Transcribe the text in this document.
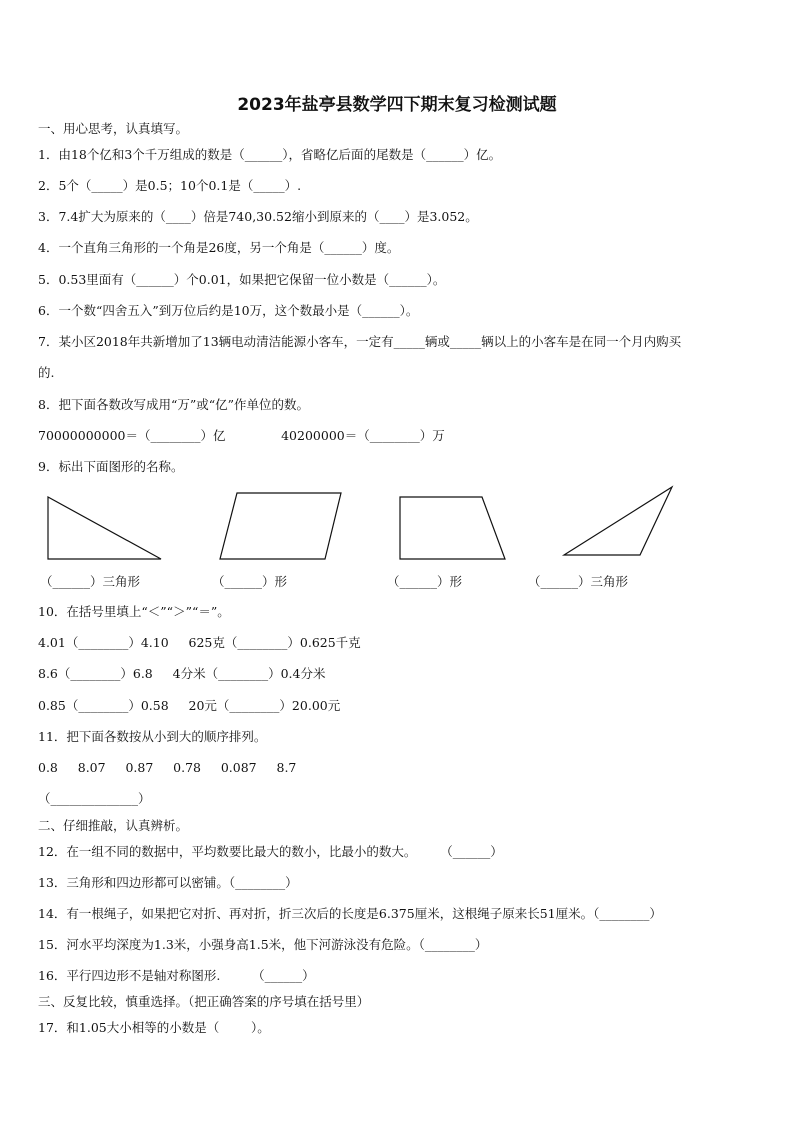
2023年盐亭县数学四下期末复习检测试题
一、用心思考，认真填写。
1．由18个亿和3个千万组成的数是（______），省略亿后面的尾数是（______）亿。
2．5个（_____）是0.5；10个0.1是（_____）.
3．7.4扩大为原来的（____）倍是740,30.52缩小到原来的（____）是3.052。
4．一个直角三角形的一个角是26度，另一个角是（______）度。
5．0.53里面有（______）个0.01，如果把它保留一位小数是（______）。
6．一个数“四舍五入”到万位后约是10万，这个数最小是（______）。
7．某小区2018年共新增加了13辆电动清洁能源小客车，一定有_____辆或_____辆以上的小客车是在同一个月内购买
的.
8．把下面各数改写成用“万”或“亿”作单位的数。
70000000000＝（________）亿              40200000＝（________）万
9．标出下面图形的名称。
（______）三角形	（______）形	（______）形	（______）三角形
10．在括号里填上“＜”“＞”“＝”。
4.01（________）4.10     625克（________）0.625千克
8.6（________）6.8     4分米（________）0.4分米
0.85（________）0.58     20元（________）20.00元
11．把下面各数按从小到大的顺序排列。
0.8     8.07     0.87     0.78     0.087     8.7
（______________）
二、仔细推敲，认真辨析。
12．在一组不同的数据中，平均数要比最大的数小，比最小的数大。      （______）
13．三角形和四边形都可以密铺。（________）
14．有一根绳子，如果把它对折、再对折，折三次后的长度是6.375厘米，这根绳子原来长51厘米。（________）
15．河水平均深度为1.3米，小强身高1.5米，他下河游泳没有危险。（________）
16．平行四边形不是轴对称图形.        （______）
三、反复比较，慎重选择。（把正确答案的序号填在括号里）
17．和1.05大小相等的小数是（        ）。
